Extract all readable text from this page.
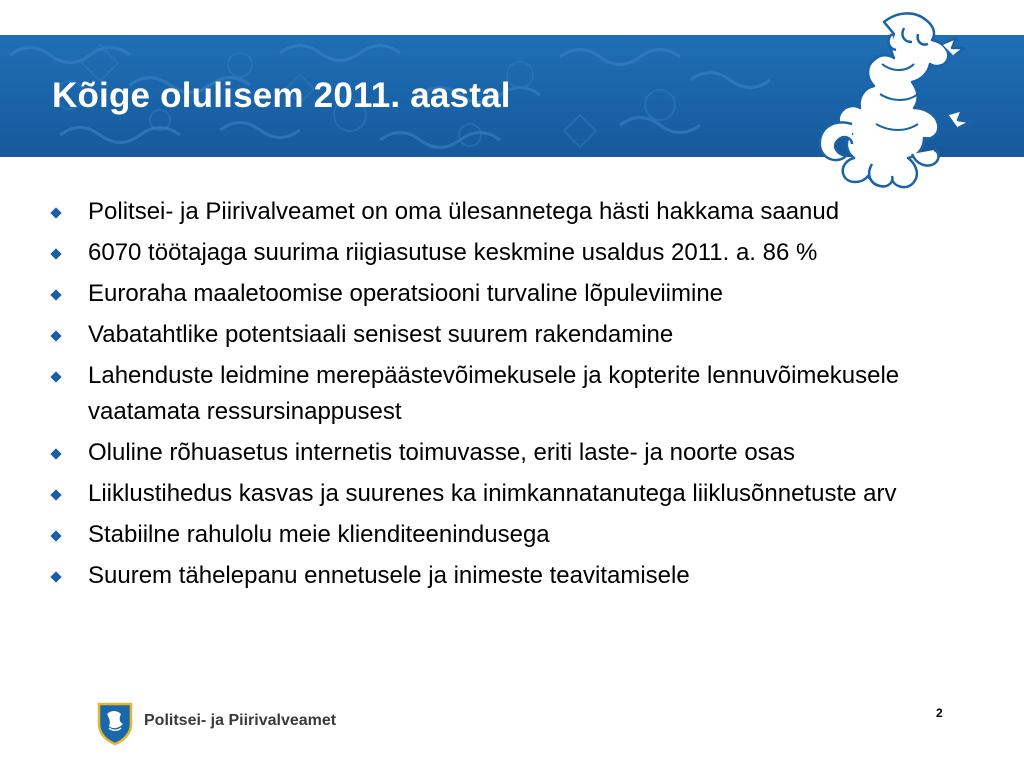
Kõige olulisem 2011. aastal
Politsei- ja Piirivalveamet on oma ülesannetega hästi hakkama saanud
6070 töötajaga suurima riigiasutuse keskmine usaldus 2011. a. 86 %
Euroraha maaletoomise operatsiooni turvaline lõpuleviimine
Vabatahtlike potentsiaali senisest suurem rakendamine
Lahenduste leidmine merepäästevõimekusele ja kopterite lennuvõimekusele vaatamata ressursinappusest
Oluline rõhuasetus internetis toimuvasse, eriti laste- ja noorte osas
Liiklustihedus kasvas ja suurenes ka inimkannatanutega liiklusõnnetuste arv
Stabiilne rahulolu meie klienditeenindusega
Suurem tähelepanu ennetusele ja inimeste teavitamisele
Politsei- ja Piirivalveamet	2
